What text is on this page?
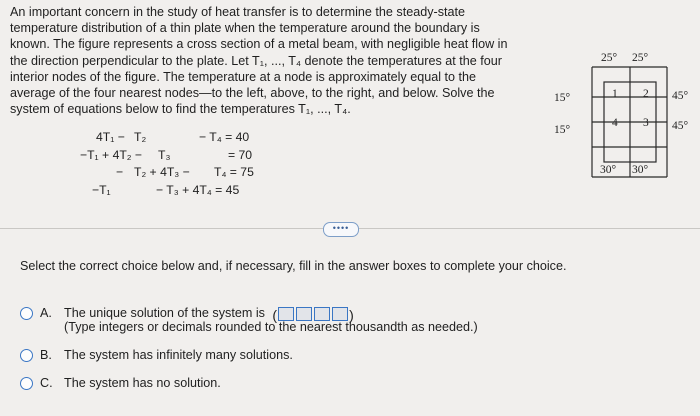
An important concern in the study of heat transfer is to determine the steady-state

temperature distribution of a thin plate when the temperature around the boundary is

known. The figure represents a cross section of a metal beam, with negligible heat flow in

the direction perpendicular to the plate. Let T₁, ..., T₄ denote the temperatures at the four

interior nodes of the figure. The temperature at a node is approximately equal to the

average of the four nearest nodes—to the left, above, to the right, and below. Solve the

system of equations below to find the temperatures T₁, ..., T₄.

4T₁ − T₂	− T₄ = 40
−T₁ + 4T₂ − T₃	= 70
− T₂ + 4T₃ − T₄ = 75
−T₁	− T₃ + 4T₄ = 45
25° 25°
15°
15°
45°
45°
30° 30°
1 2
3
4
••••
Select the correct choice below and, if necessary, fill in the answer boxes to complete your choice.
A. The unique solution of the system is (	)
(Type integers or decimals rounded to the nearest thousandth as needed.)
B. The system has infinitely many solutions.
C. The system has no solution.
